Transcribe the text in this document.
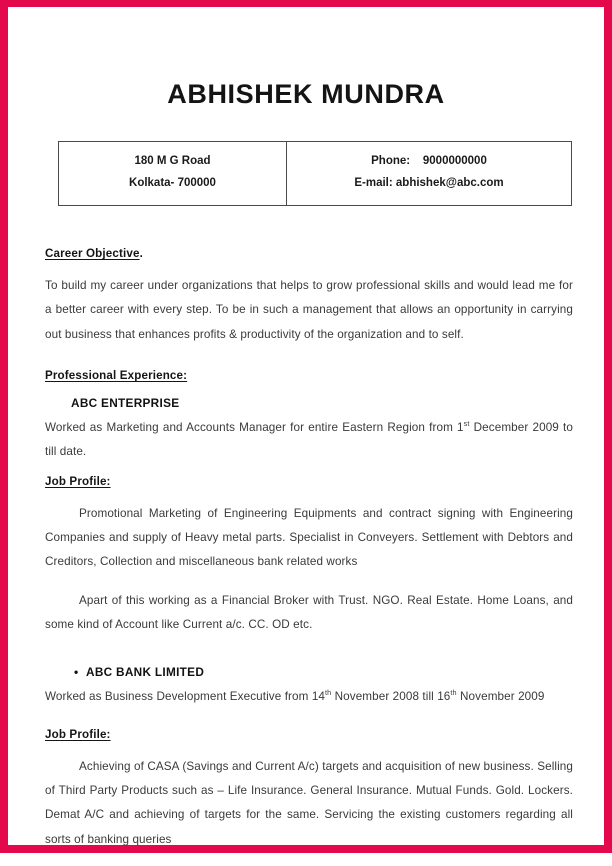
ABHISHEK MUNDRA
180 M G Road
Kolkata- 700000

Phone:    9000000000
E-mail: abhishek@abc.com
Career Objective.

To build my career under organizations that helps to grow professional skills and would lead me for a better career with every step. To be in such a management that allows an opportunity in carrying out business that enhances profits & productivity of the organization and to self.

Professional Experience:
ABC ENTERPRISE

Worked as Marketing and Accounts Manager for entire Eastern Region from 1st December 2009 to till date.

Job Profile:

Promotional Marketing of Engineering Equipments and contract signing with Engineering Companies and supply of Heavy metal parts. Specialist in Conveyers. Settlement with Debtors and Creditors, Collection and miscellaneous bank related works

Apart of this working as a Financial Broker with Trust. NGO. Real Estate. Home Loans, and some kind of Account like Current a/c. CC. OD etc.

• ABC BANK LIMITED

Worked as Business Development Executive from 14th November 2008 till 16th November 2009

Job Profile:

Achieving of CASA (Savings and Current A/c) targets and acquisition of new business. Selling of Third Party Products such as – Life Insurance. General Insurance. Mutual Funds. Gold. Lockers. Demat A/C and achieving of targets for the same. Servicing the existing customers regarding all sorts of banking queries
